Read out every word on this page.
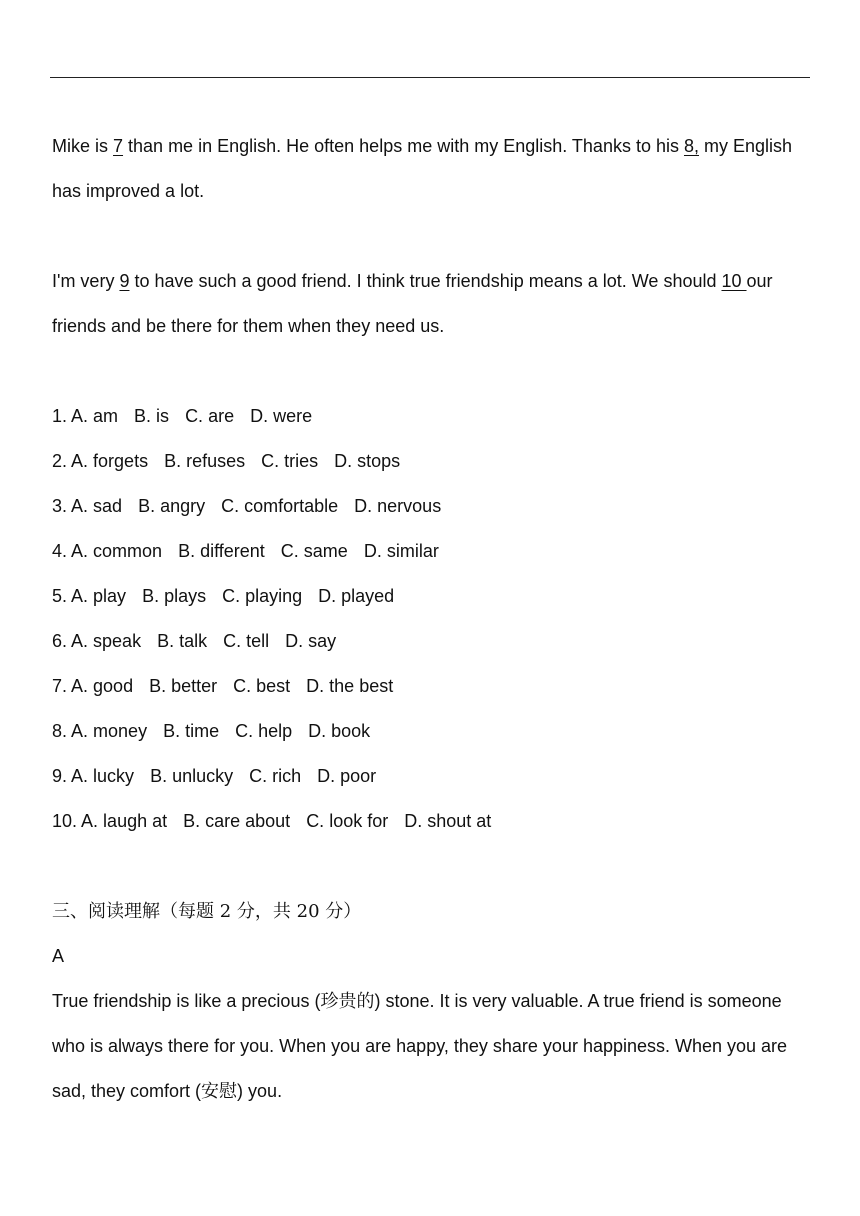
Mike is 7 than me in English. He often helps me with my English. Thanks to his 8, my English
has improved a lot.
I'm very 9 to have such a good friend. I think true friendship means a lot. We should 10 our
friends and be there for them when they need us.
1. A. am B. is C. are D. were
2. A. forgets B. refuses C. tries D. stops
3. A. sad B. angry C. comfortable D. nervous
4. A. common B. different C. same D. similar
5. A. play B. plays C. playing D. played
6. A. speak B. talk C. tell D. say
7. A. good B. better C. best D. the best
8. A. money B. time C. help D. book
9. A. lucky B. unlucky C. rich D. poor
10. A. laugh at B. care about C. look for D. shout at
三、阅读理解（每题 2 分，共 20 分）
A
True friendship is like a precious (珍贵的) stone. It is very valuable. A true friend is someone
who is always there for you. When you are happy, they share your happiness. When you are
sad, they comfort (安慰) you.
